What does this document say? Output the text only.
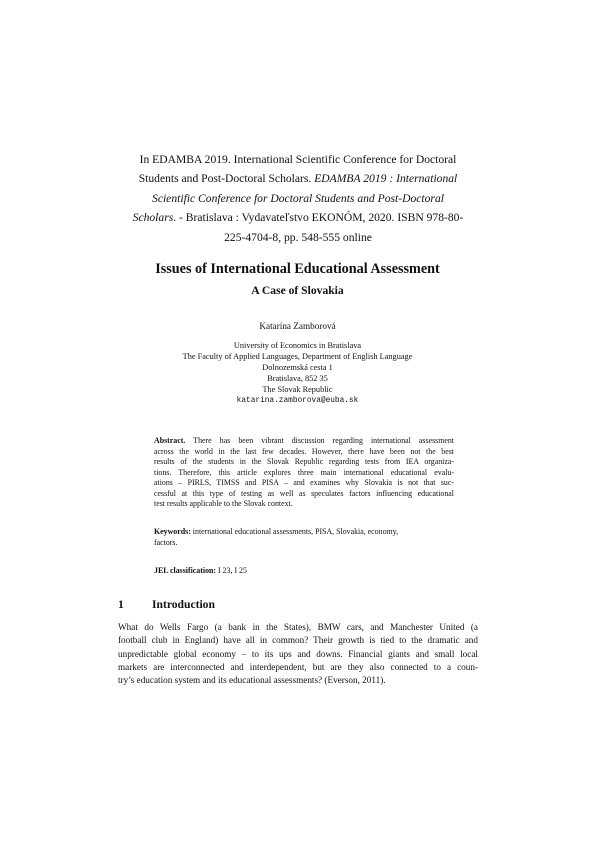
In EDAMBA 2019. International Scientific Conference for Doctoral
Students and Post-Doctoral Scholars. EDAMBA 2019 : International
Scientific Conference for Doctoral Students and Post-Doctoral
Scholars. - Bratislava : Vydavateľstvo EKONÓM, 2020. ISBN 978-80-
225-4704-8, pp. 548-555 online
Issues of International Educational Assessment
A Case of Slovakia
Katarína Zamborová
University of Economics in Bratislava
The Faculty of Applied Languages, Department of English Language
Dolnozemská cesta 1
Bratislava, 852 35
The Slovak Republic
katarina.zamborova@euba.sk
Abstract. There has been vibrant discussion regarding international assessment
across the world in the last few decades. However, there have been not the best
results of the students in the Slovak Republic regarding tests from IEA organiza-
tions. Therefore, this article explores three main international educational evalu-
ations – PIRLS, TIMSS and PISA – and examines why Slovakia is not that suc-
cessful at this type of testing as well as speculates factors influencing educational
test results applicable to the Slovak context.
Keywords: international educational assessments, PISA, Slovakia, economy,
factors.
JEL classification: I 23, I 25
1 Introduction
What do Wells Fargo (a bank in the States), BMW cars, and Manchester United (a
football club in England) have all in common? Their growth is tied to the dramatic and
unpredictable global economy – to its ups and downs. Financial giants and small local
markets are interconnected and interdependent, but are they also connected to a coun-
try’s education system and its educational assessments? (Everson, 2011).
